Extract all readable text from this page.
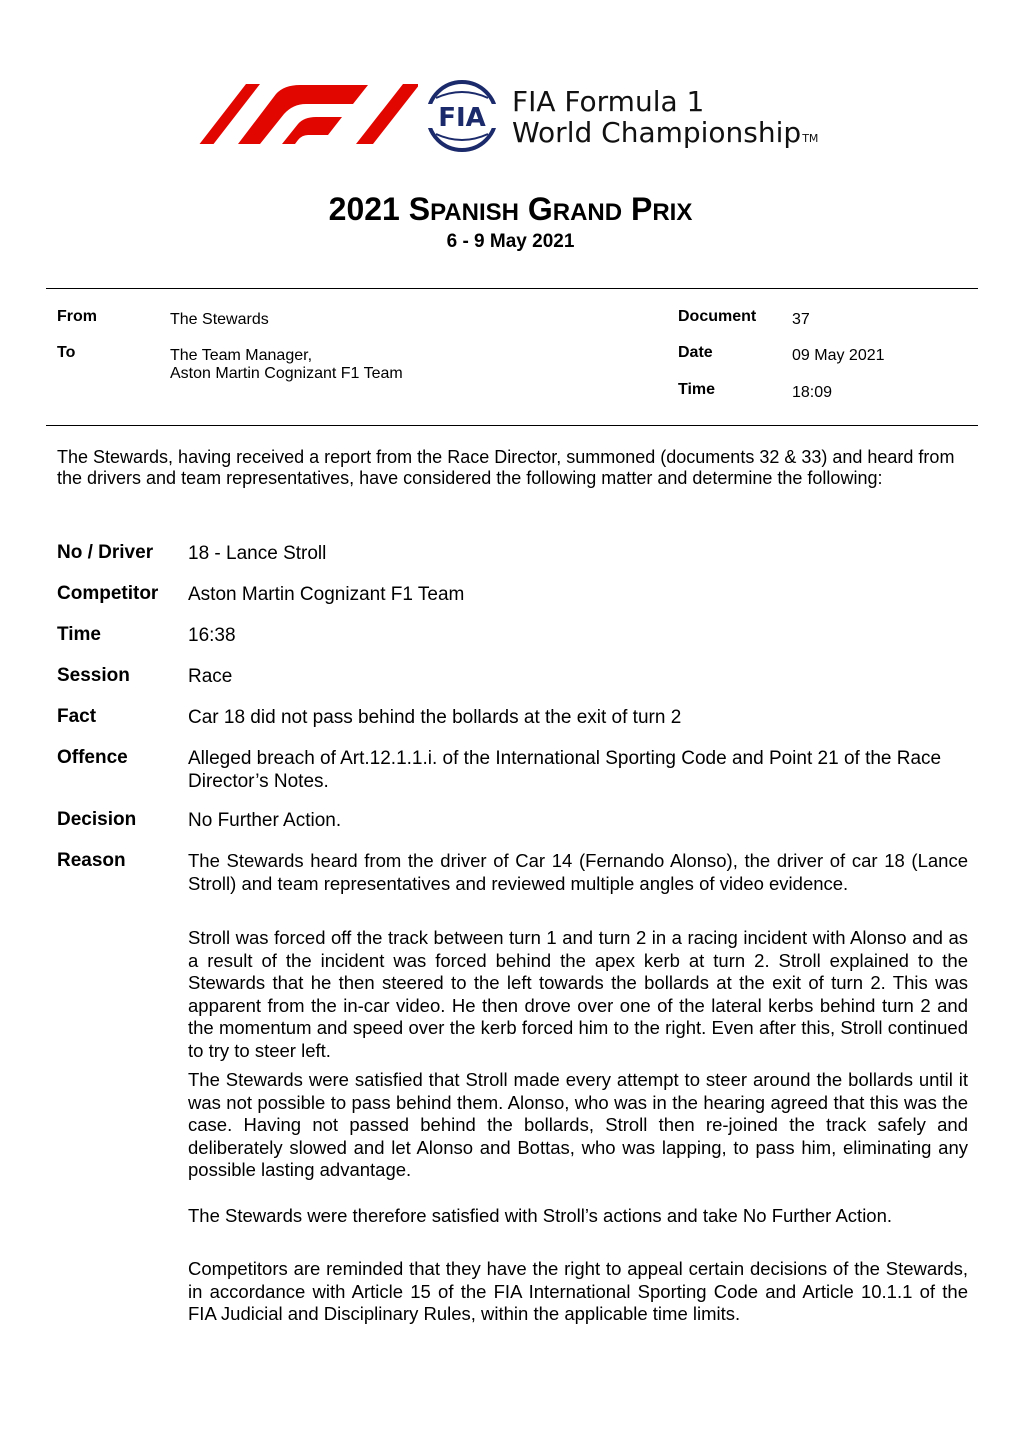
FIA FIA Formula 1
World ChampionshipTM
2021 SPANISH GRAND PRIX
6 - 9 May 2021
From	The Stewards
To	The Team Manager,
Aston Martin Cognizant F1 Team
Document 37
Date	09 May 2021
Time	18:09
The Stewards, having received a report from the Race Director, summoned (documents 32 & 33) and heard from the drivers and team representatives, have considered the following matter and determine the following:
No / Driver 18 - Lance Stroll
Competitor Aston Martin Cognizant F1 Team
Time	16:38
Session	Race
Fact	Car 18 did not pass behind the bollards at the exit of turn 2
Offence	Alleged breach of Art.12.1.1.i. of the International Sporting Code and Point 21 of the Race Director’s Notes.
Decision	No Further Action.
Reason	The Stewards heard from the driver of Car 14 (Fernando Alonso), the driver of car 18 (Lance Stroll) and team representatives and reviewed multiple angles of video evidence.
Stroll was forced off the track between turn 1 and turn 2 in a racing incident with Alonso and as a result of the incident was forced behind the apex kerb at turn 2. Stroll explained to the Stewards that he then steered to the left towards the bollards at the exit of turn 2. This was apparent from the in-car video. He then drove over one of the lateral kerbs behind turn 2 and the momentum and speed over the kerb forced him to the right. Even after this, Stroll continued to try to steer left.
The Stewards were satisfied that Stroll made every attempt to steer around the bollards until it was not possible to pass behind them. Alonso, who was in the hearing agreed that this was the case. Having not passed behind the bollards, Stroll then re-joined the track safely and deliberately slowed and let Alonso and Bottas, who was lapping, to pass him, eliminating any possible lasting advantage.
The Stewards were therefore satisfied with Stroll’s actions and take No Further Action.
Competitors are reminded that they have the right to appeal certain decisions of the Stewards, in accordance with Article 15 of the FIA International Sporting Code and Article 10.1.1 of the FIA Judicial and Disciplinary Rules, within the applicable time limits.
